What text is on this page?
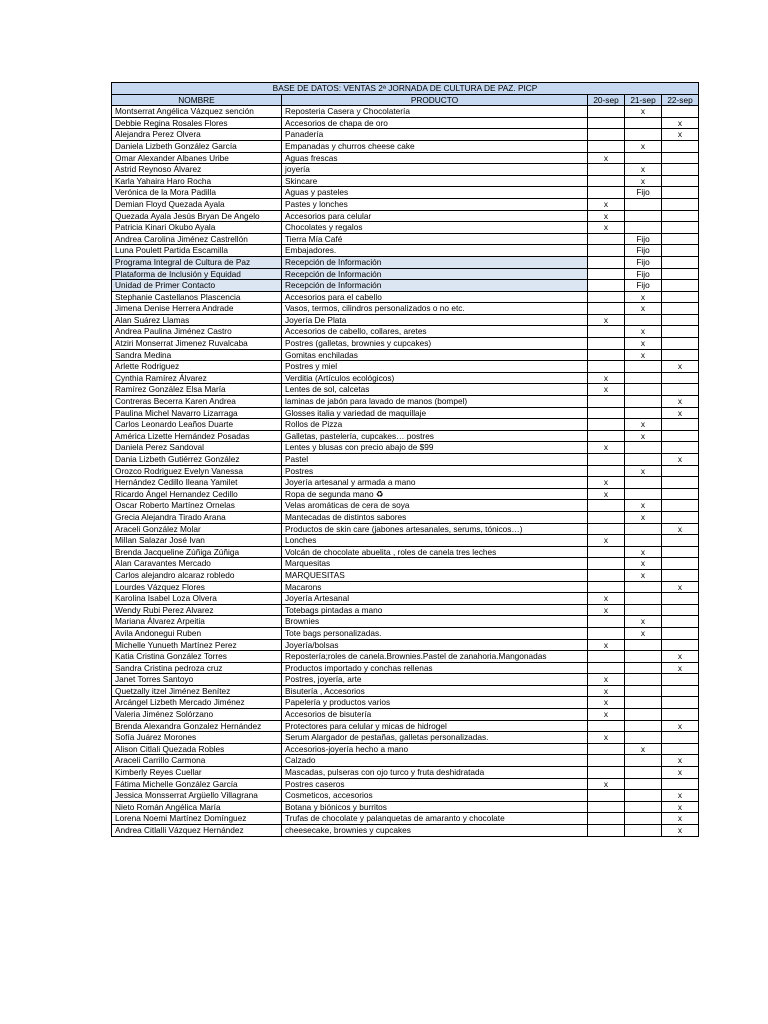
BASE DE DATOS: VENTAS 2ª JORNADA DE CULTURA DE PAZ. PICP				
NOMBRE	PRODUCTO	20-sep	21-sep	22-sep
Montserrat Angélica Vázquez sención	Reposteria Casera y Chocolatería		x	
Debbie Regina Rosales Flores	Accesorios de chapa de oro			x
Alejandra Perez Olvera	Panadería			x
Daniela Lizbeth González García	Empanadas y churros cheese cake		x	
Omar Alexander Albanes Uribe	Aguas frescas	x		
Astrid Reynoso Álvarez	joyería		x	
Karla Yahaira Haro Rocha	Skincare		x	
Verónica de la Mora Padilla	Aguas y pasteles		Fijo	
Demian Floyd Quezada Ayala	Pastes y lonches	x		
Quezada Ayala Jesús Bryan De Angelo	Accesorios para celular	x		
Patricia Kinari Okubo Ayala	Chocolates y regalos	x		
Andrea Carolina Jiménez Castrellón	Tierra Mía Café		Fijo	
Luna Poulett Partida Escamilla	Embajadores.		Fijo	
Programa Integral de Cultura de Paz	Recepción de Información		Fijo	
Plataforma de Inclusión y Equidad	Recepción de Información		Fijo	
Unidad de Primer Contacto	Recepción de Información		Fijo	
Stephanie Castellanos Plascencia	Accesorios para el cabello		x	
Jimena Denise Herrera Andrade	Vasos, termos, cilindros personalizados o no etc.		x	
Alan Suárez Llamas	Joyería De Plata	x		
Andrea Paulina Jiménez Castro	Accesorios de cabello, collares, aretes		x	
Atziri Monserrat Jimenez Ruvalcaba	Postres (galletas, brownies y cupcakes)		x	
Sandra Medina	Gomitas enchiladas		x	
Arlette Rodriguez	Postres y miel			x
Cynthia Ramírez Álvarez	Verditia (Artículos ecológicos)	x		
Ramírez González Elsa María	Lentes de sol, calcetas	x		
Contreras Becerra Karen Andrea	laminas de jabón para lavado de manos (bompel)			x
Paulina Michel Navarro Lizarraga	Glosses italia y variedad de maquillaje			x
Carlos Leonardo Leaños Duarte	Rollos de Pizza		x	
América Lizette Hernández Posadas	Galletas, pastelería, cupcakes… postres		x	
Daniela Perez Sandoval	Lentes y blusas con precio abajo de $99	x		
Dania Lizbeth Gutiérrez González	Pastel			x
Orozco Rodriguez Evelyn Vanessa	Postres		x	
Hernández Cedillo Ileana Yamilet	Joyería artesanal y armada a mano	x		
Ricardo Ángel Hernandez Cedillo	Ropa de segunda mano ♻	x		
Oscar Roberto Martínez Ornelas	Velas aromáticas de cera de soya		x	
Grecia Alejandra Tirado Arana	Mantecadas de distintos sabores		x	
Araceli González Molar	Productos de skin care (jabones artesanales, serums, tónicos…)			x
Millan Salazar José Ivan	Lonches	x		
Brenda Jacqueline Zúñiga Zúñiga	Volcán de chocolate abuelita , roles de canela tres leches		x	
Alan Caravantes Mercado	Marquesitas		x	
Carlos alejandro alcaraz robledo	MARQUESITAS		x	
Lourdes Vázquez Flores	Macarons			x
Karolina Isabel Loza Olvera	Joyería Artesanal	x		
Wendy Rubi Perez Alvarez	Totebags pintadas a mano	x		
Mariana Álvarez Arpeitia	Brownies		x	
Avila Andonegui Ruben	Tote bags personalizadas.		x	
Michelle Yunueth Martínez Perez	Joyería/bolsas	x		
Katia Cristina González Torres	Repostería;roles de canela.Brownies.Pastel de zanahoria.Mangonadas			x
Sandra Cristina pedroza cruz	Productos importado y conchas rellenas			x
Janet Torres Santoyo	Postres, joyería, arte	x		
Quetzally itzel Jiménez Benítez	Bisutería , Accesorios	x		
Arcángel Lizbeth Mercado Jiménez	Papelería y productos varios	x		
Valeria Jiménez Solórzano	Accesorios de bisutería	x		
Brenda Alexandra Gonzalez Hernández	Protectores para celular y micas de hidrogel			x
Sofía Juárez Morones	Serum Alargador de pestañas, galletas personalizadas.	x		
Alison Citlali Quezada Robles	Accesorios-joyería hecho a mano		x	
Araceli Carrillo Carmona	Calzado			x
Kimberly Reyes Cuellar	Mascadas, pulseras con ojo turco y fruta deshidratada			x
Fátima Michelle González García	Postres caseros	x		
Jessica Monsserrat Argüello Villagrana	Cosmeticos, accesorios			x
Nieto Román Angélica María	Botana y biónicos y burritos			x
Lorena Noemi Martínez Domínguez	Trufas de chocolate y palanquetas de amaranto y chocolate			x
Andrea Citlalli Vázquez Hernández	cheesecake, brownies y cupcakes			x
